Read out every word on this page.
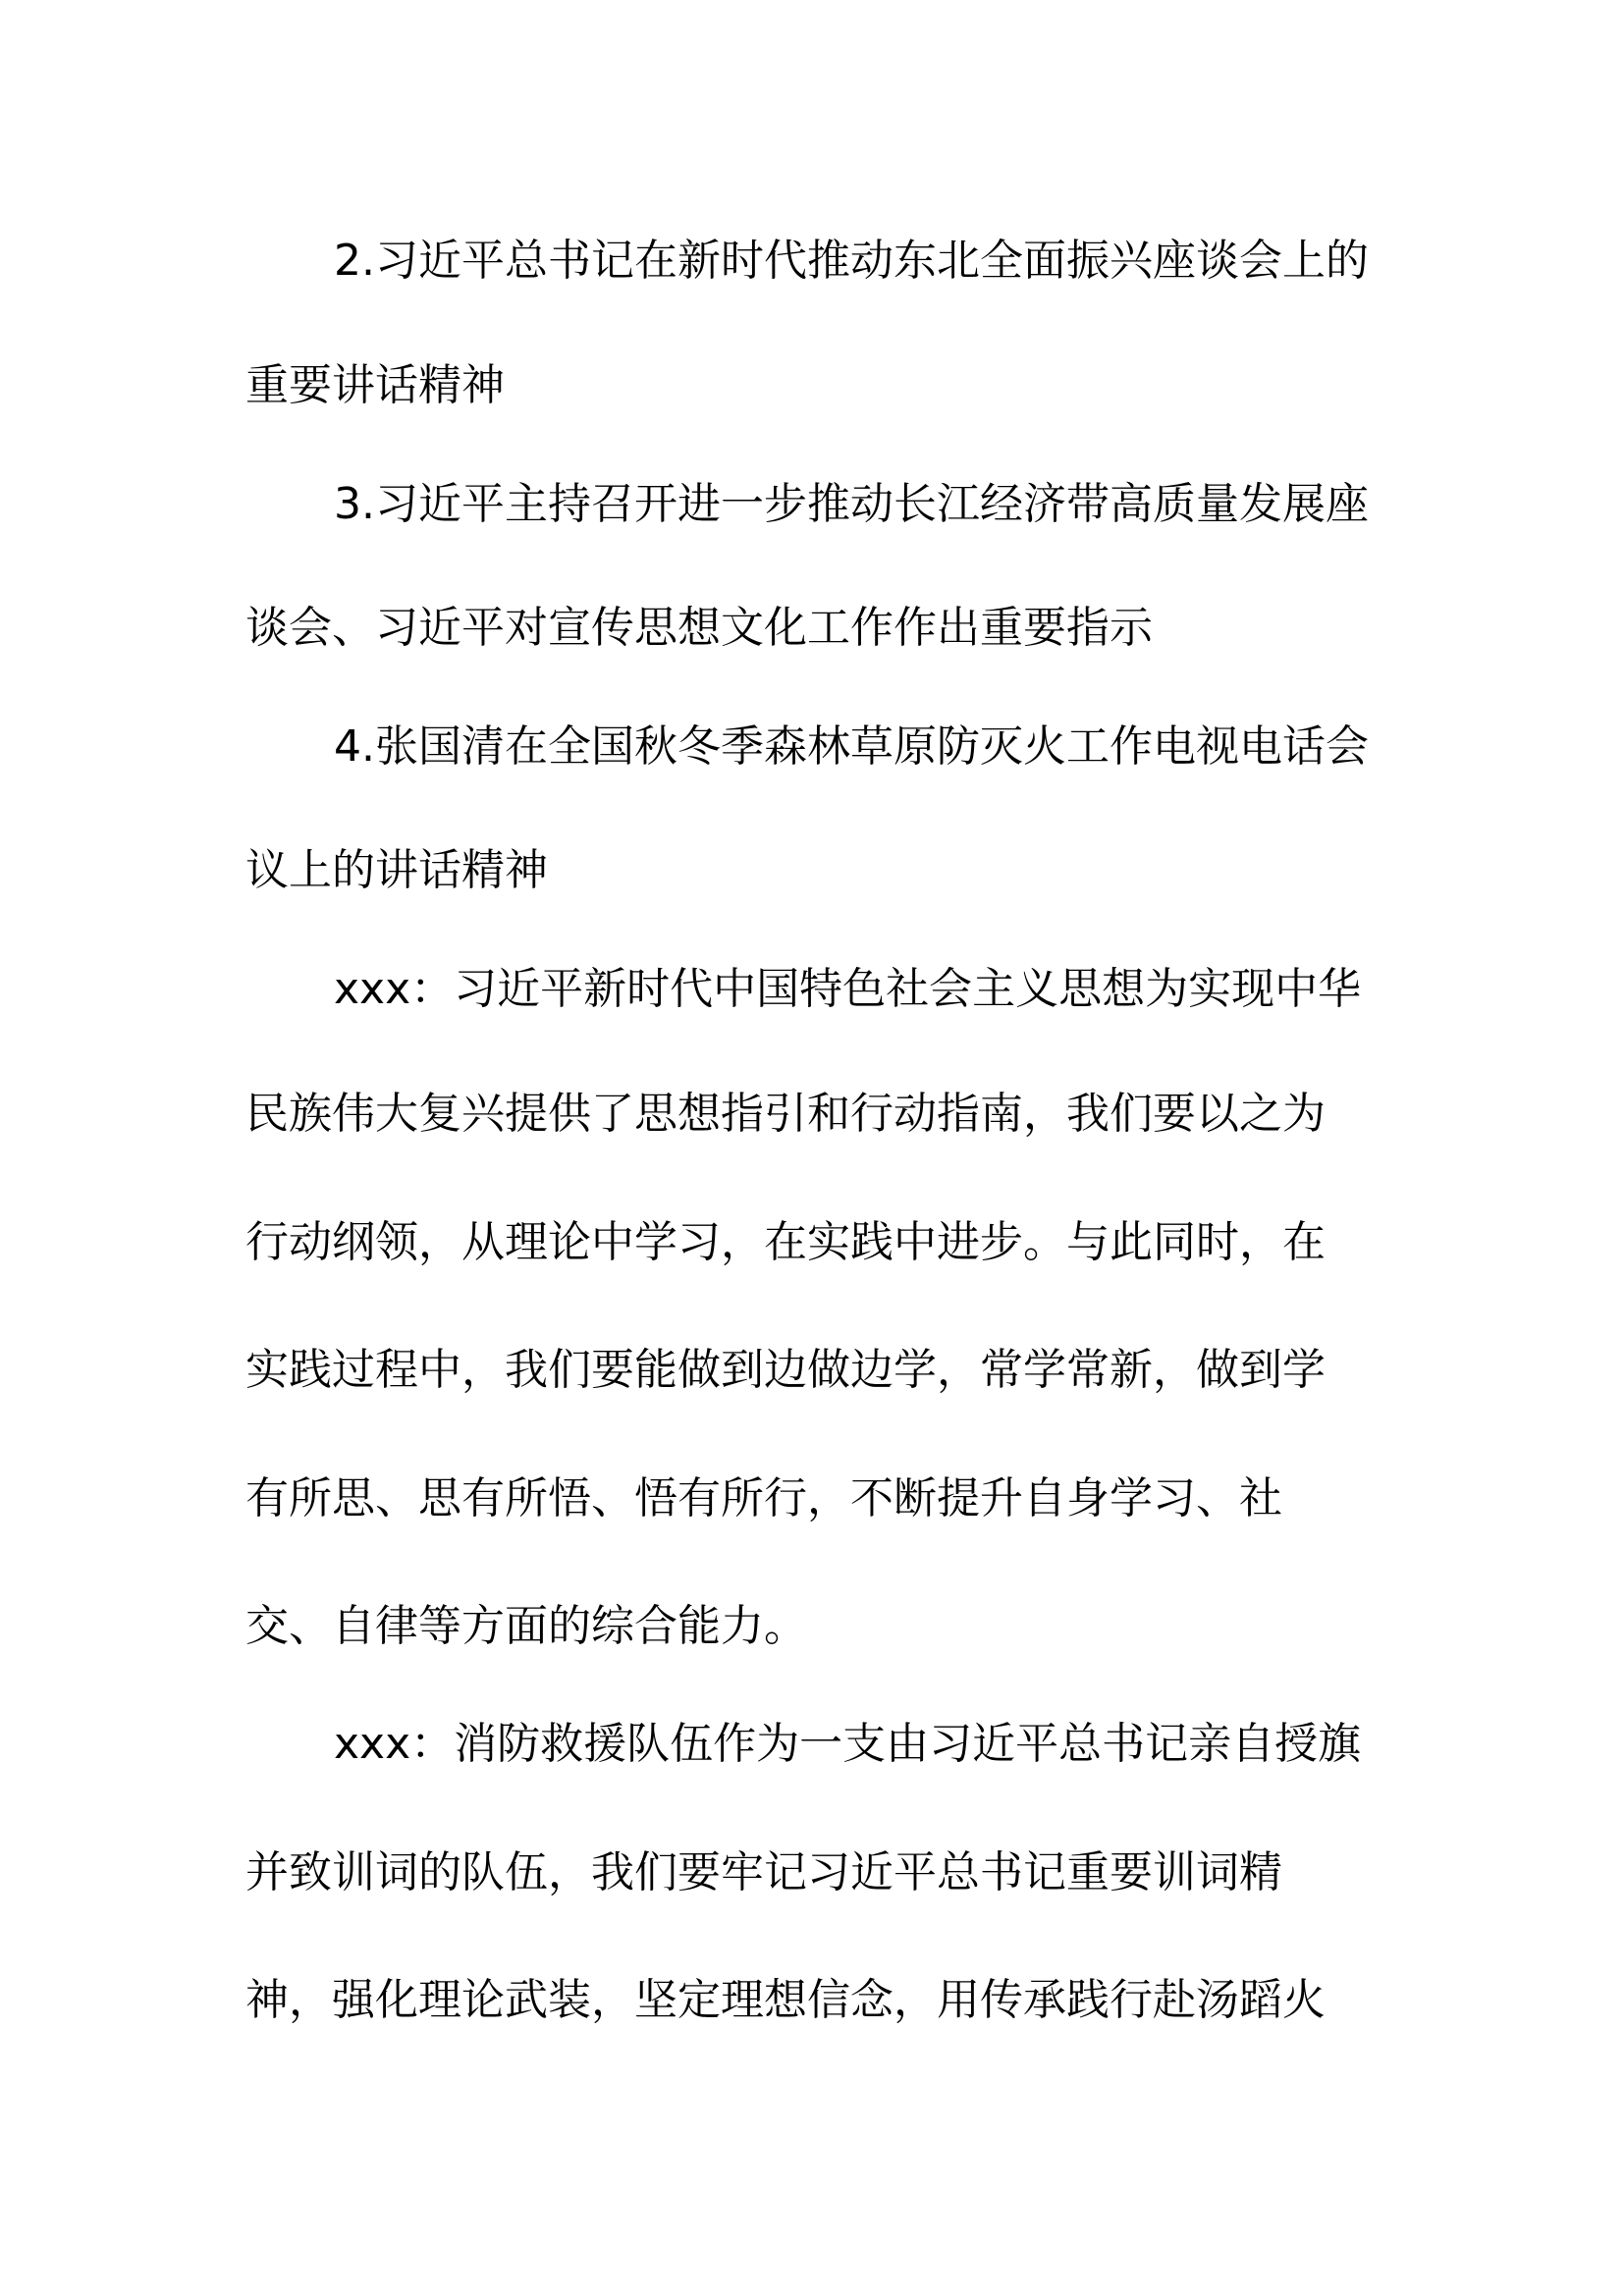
2.习近平总书记在新时代推动东北全面振兴座谈会上的
重要讲话精神
3.习近平主持召开进一步推动长江经济带高质量发展座
谈会、习近平对宣传思想文化工作作出重要指示
4.张国清在全国秋冬季森林草原防灭火工作电视电话会
议上的讲话精神
xxx：习近平新时代中国特色社会主义思想为实现中华
民族伟大复兴提供了思想指引和行动指南，我们要以之为
行动纲领，从理论中学习，在实践中进步。与此同时，在
实践过程中，我们要能做到边做边学，常学常新，做到学
有所思、思有所悟、悟有所行，不断提升自身学习、社
交、自律等方面的综合能力。
xxx：消防救援队伍作为一支由习近平总书记亲自授旗
并致训词的队伍，我们要牢记习近平总书记重要训词精
神，强化理论武装，坚定理想信念，用传承践行赴汤蹈火
